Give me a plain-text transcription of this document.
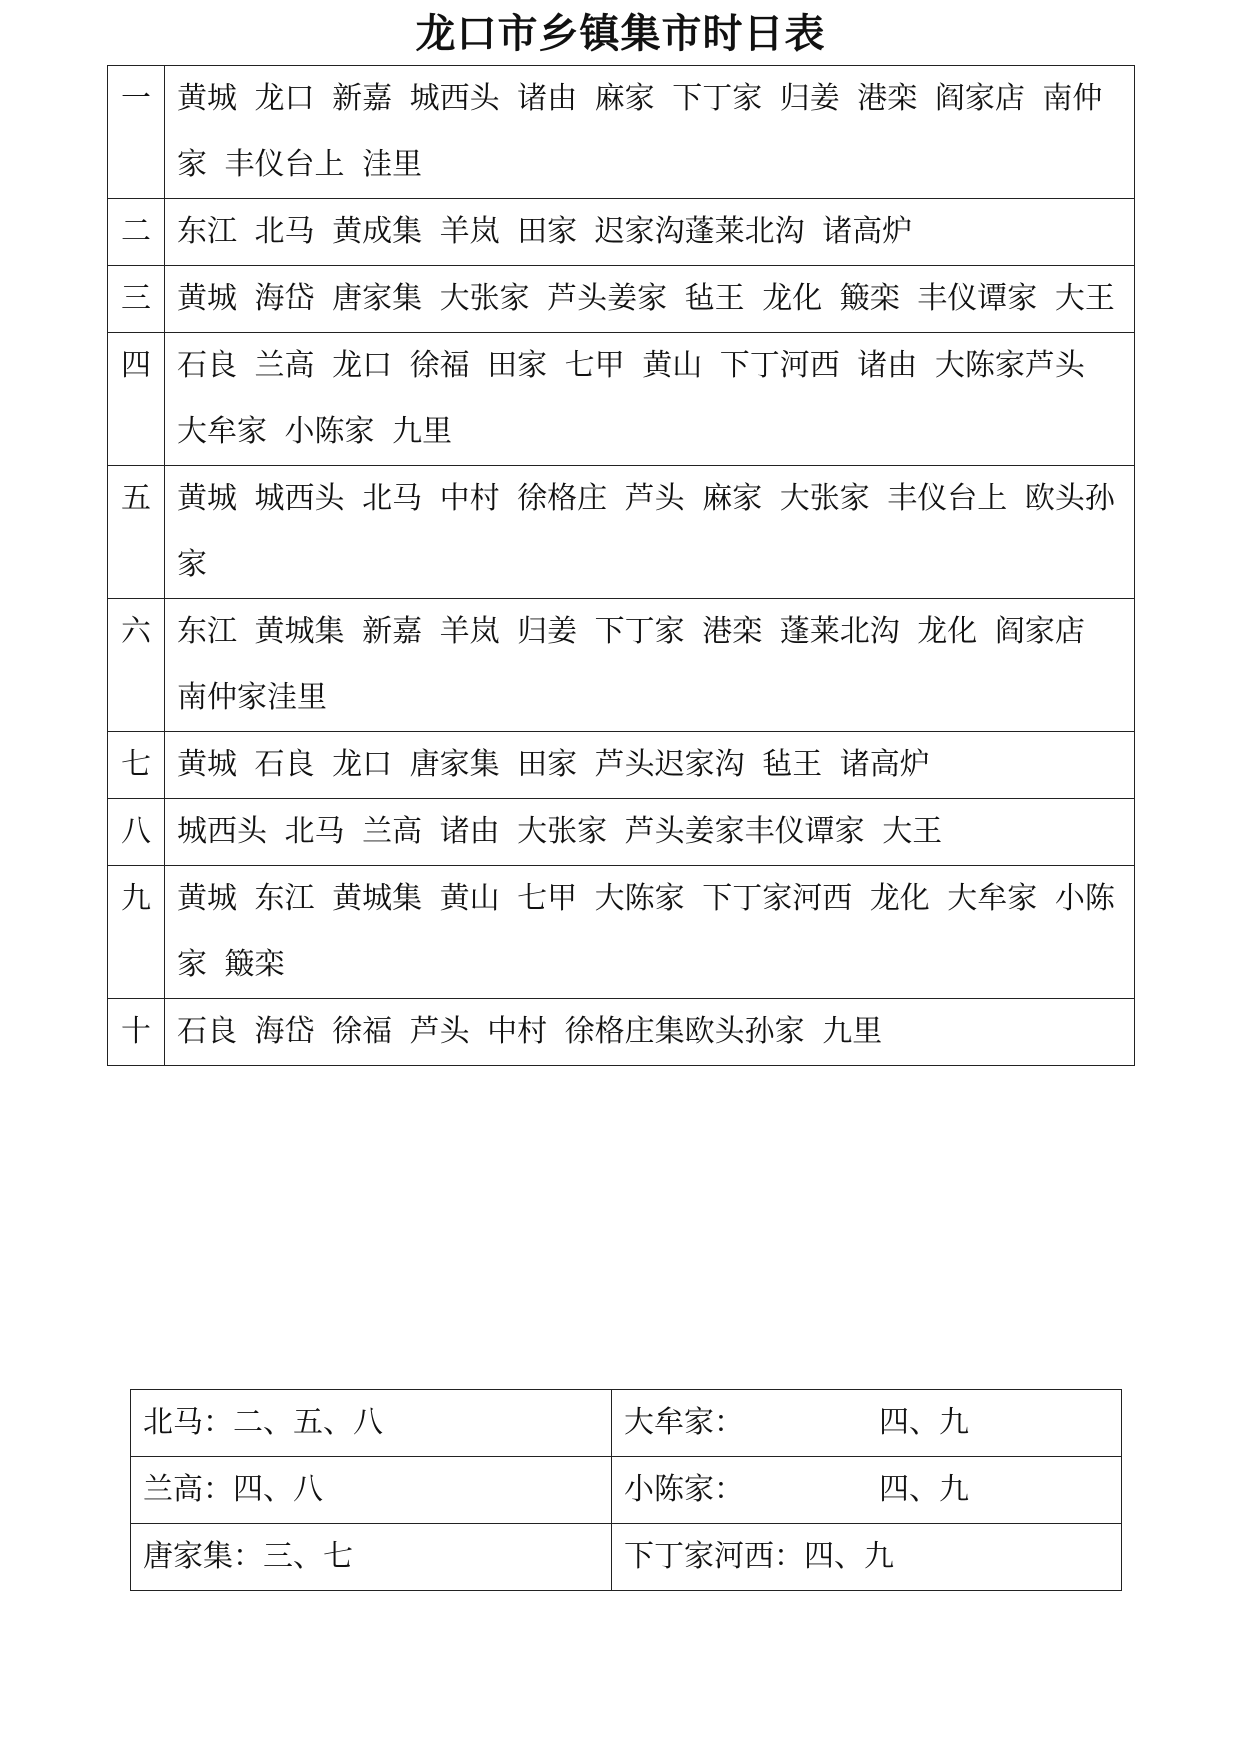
龙口市乡镇集市时日表
一	黄城 龙口 新嘉 城西头 诸由 麻家 下丁家 归姜 港栾 阎家店 南仲家 丰仪台上 洼里
二	东江 北马 黄成集 羊岚 田家 迟家沟蓬莱北沟 诸高炉
三	黄城 海岱 唐家集 大张家 芦头姜家 毡王 龙化 簸栾 丰仪谭家 大王
四	石良 兰高 龙口 徐福 田家 七甲 黄山 下丁河西 诸由 大陈家芦头 大牟家 小陈家 九里
五	黄城 城西头 北马 中村 徐格庄 芦头 麻家 大张家 丰仪台上 欧头孙家
六	东江 黄城集 新嘉 羊岚 归姜 下丁家 港栾 蓬莱北沟 龙化 阎家店 南仲家洼里
七	黄城 石良 龙口 唐家集 田家 芦头迟家沟 毡王 诸高炉
八	城西头 北马 兰高 诸由 大张家 芦头姜家丰仪谭家 大王
九	黄城 东江 黄城集 黄山 七甲 大陈家 下丁家河西 龙化 大牟家 小陈家 簸栾
十	石良 海岱 徐福 芦头 中村 徐格庄集欧头孙家 九里
北马：二、五、八	大牟家： 四、九
兰高：四、八	小陈家： 四、九
唐家集：三、七	下丁家河西：四、九
